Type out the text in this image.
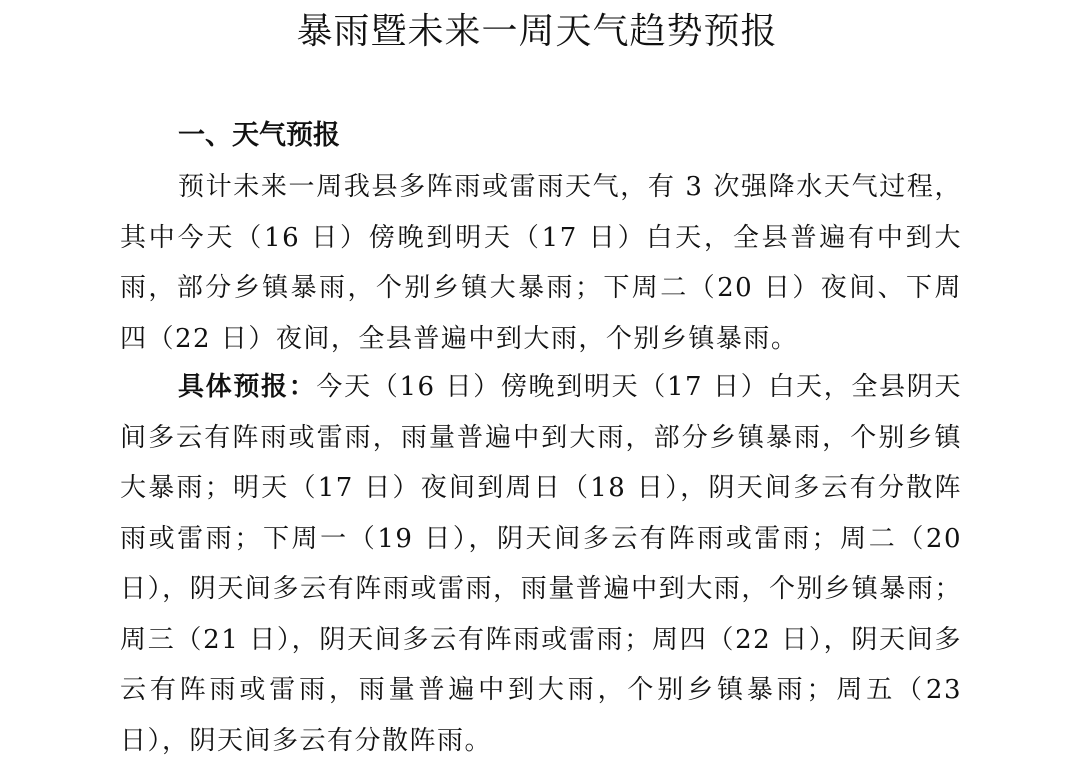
暴雨暨未来一周天气趋势预报
一、天气预报

预计未来一周我县多阵雨或雷雨天气，有 3 次强降水天气过程，其中今天（16 日）傍晚到明天（17 日）白天，全县普遍有中到大雨，部分乡镇暴雨，个别乡镇大暴雨；下周二（20 日）夜间、下周四（22 日）夜间，全县普遍中到大雨，个别乡镇暴雨。

具体预报：今天（16 日）傍晚到明天（17 日）白天，全县阴天间多云有阵雨或雷雨，雨量普遍中到大雨，部分乡镇暴雨，个别乡镇大暴雨；明天（17 日）夜间到周日（18 日），阴天间多云有分散阵雨或雷雨；下周一（19 日），阴天间多云有阵雨或雷雨；周二（20 日），阴天间多云有阵雨或雷雨，雨量普遍中到大雨，个别乡镇暴雨；周三（21 日），阴天间多云有阵雨或雷雨；周四（22 日），阴天间多云有阵雨或雷雨，雨量普遍中到大雨，个别乡镇暴雨；周五（23 日），阴天间多云有分散阵雨。
